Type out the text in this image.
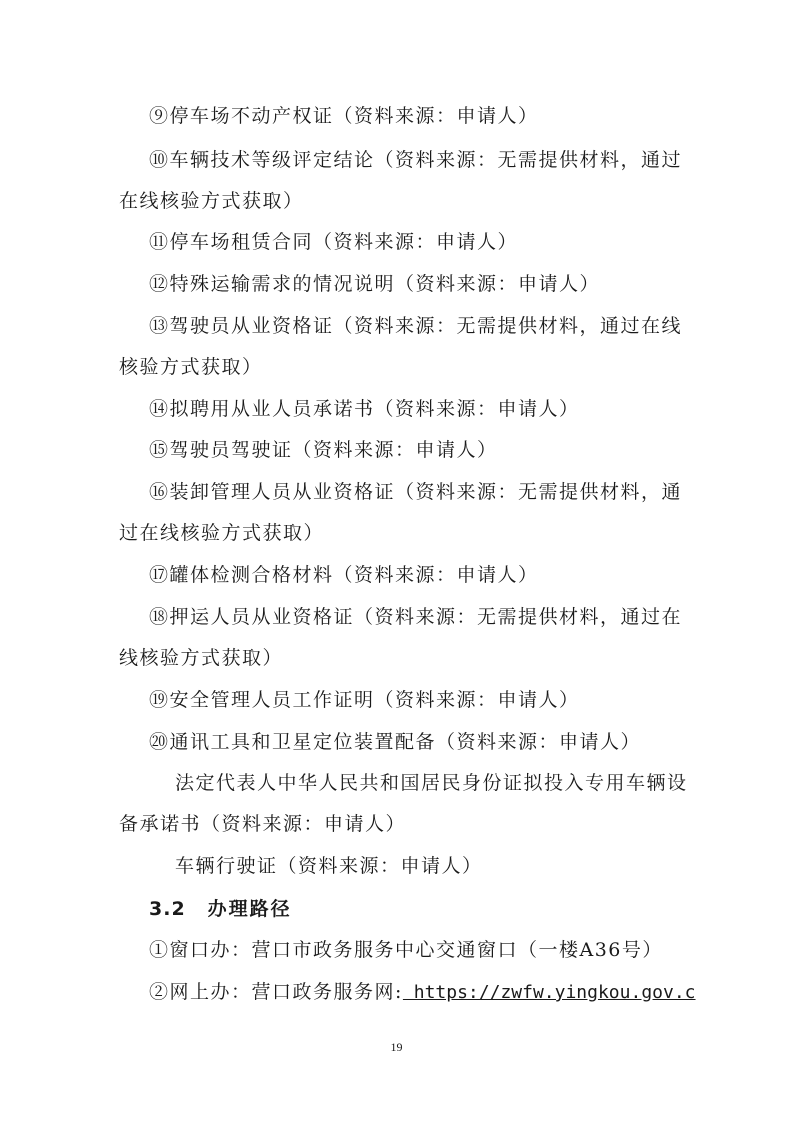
⑨停车场不动产权证（资料来源：申请人）
⑩车辆技术等级评定结论（资料来源：无需提供材料，通过
在线核验方式获取）
⑪停车场租赁合同（资料来源：申请人）
⑫特殊运输需求的情况说明（资料来源：申请人）
⑬驾驶员从业资格证（资料来源：无需提供材料，通过在线
核验方式获取）
⑭拟聘用从业人员承诺书（资料来源：申请人）
⑮驾驶员驾驶证（资料来源：申请人）
⑯装卸管理人员从业资格证（资料来源：无需提供材料，通
过在线核验方式获取）
⑰罐体检测合格材料（资料来源：申请人）
⑱押运人员从业资格证（资料来源：无需提供材料，通过在
线核验方式获取）
⑲安全管理人员工作证明（资料来源：申请人）
⑳通讯工具和卫星定位装置配备（资料来源：申请人）
法定代表人中华人民共和国居民身份证拟投入专用车辆设
备承诺书（资料来源：申请人）
车辆行驶证（资料来源：申请人）
3.2 办理路径
①窗口办：营口市政务服务中心交通窗口（一楼A36号）
②网上办：营口政务服务网: https://zwfw.yingkou.gov.c
19
